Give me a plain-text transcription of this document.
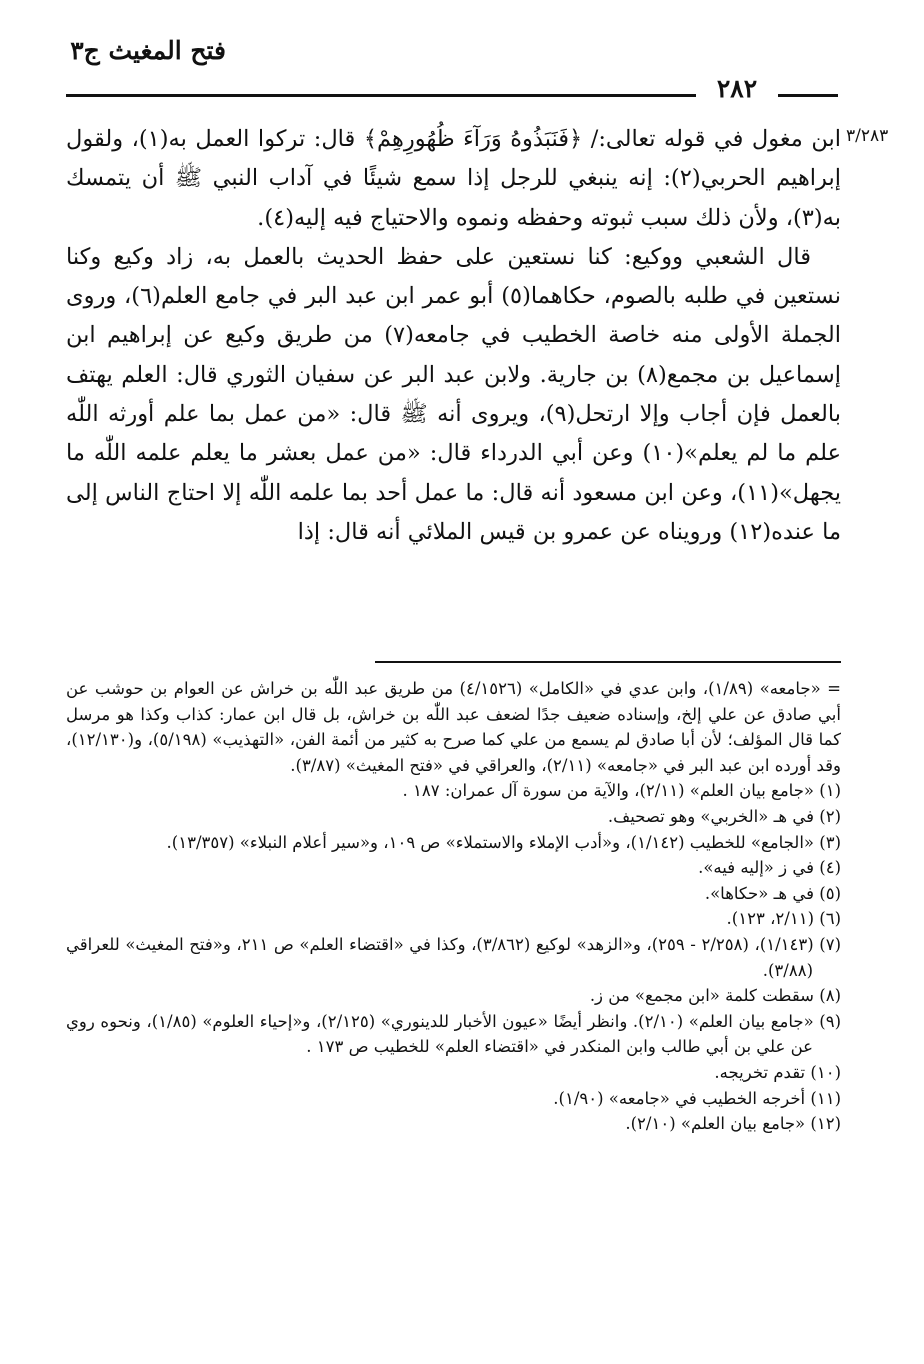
فتح المغيث ج٣
٢٨٢
٣/٢٨٣

ابن مغول في قوله تعالى:/ ﴿فَنَبَذُوهُ وَرَآءَ ظُهُورِهِمْ﴾ قال: تركوا العمل به(١)، ولقول إبراهيم الحربي(٢): إنه ينبغي للرجل إذا سمع شيئًا في آداب النبي ﷺ أن يتمسك به(٣)، ولأن ذلك سبب ثبوته وحفظه ونموه والاحتياج فيه إليه(٤).

قال الشعبي ووكيع: كنا نستعين على حفظ الحديث بالعمل به، زاد وكيع وكنا نستعين في طلبه بالصوم، حكاهما(٥) أبو عمر ابن عبد البر في جامع العلم(٦)، وروى الجملة الأولى منه خاصة الخطيب في جامعه(٧) من طريق وكيع عن إبراهيم ابن إسماعيل بن مجمع(٨) بن جارية. ولابن عبد البر عن سفيان الثوري قال: العلم يهتف بالعمل فإن أجاب وإلا ارتحل(٩)، ويروى أنه ﷺ قال: «من عمل بما علم أورثه اللّٰه علم ما لم يعلم»(١٠) وعن أبي الدرداء قال: «من عمل بعشر ما يعلم علمه اللّٰه ما يجهل»(١١)، وعن ابن مسعود أنه قال: ما عمل أحد بما علمه اللّٰه إلا احتاج الناس إلى ما عنده(١٢) ورويناه عن عمرو بن قيس الملائي أنه قال: إذا

= «جامعه» (١/٨٩)، وابن عدي في «الكامل» (٤/١٥٢٦) من طريق عبد اللّٰه بن خراش عن العوام بن حوشب عن أبي صادق عن علي إلخ، وإسناده ضعيف جدًا لضعف عبد اللّٰه بن خراش، بل قال ابن عمار: كذاب وكذا هو مرسل كما قال المؤلف؛ لأن أبا صادق لم يسمع من علي كما صرح به كثير من أئمة الفن، «التهذيب» (٥/١٩٨)، و(١٢/١٣٠)، وقد أورده ابن عبد البر في «جامعه» (٢/١١)، والعراقي في «فتح المغيث» (٣/٨٧).

(١) «جامع بيان العلم» (٢/١١)، والآية من سورة آل عمران: ١٨٧ .

(٢) في هـ «الخربي» وهو تصحيف.

(٣) «الجامع» للخطيب (١/١٤٢)، و«أدب الإملاء والاستملاء» ص ١٠٩، و«سير أعلام النبلاء» (١٣/٣٥٧).

(٤) في ز «إليه فيه».

(٥) في هـ «حكاها».

(٦) (٢/١١، ١٢٣).

(٧) (١/١٤٣)، (٢/٢٥٨ - ٢٥٩)، و«الزهد» لوكيع (٣/٨٦٢)، وكذا في «اقتضاء العلم» ص ٢١١، و«فتح المغيث» للعراقي (٣/٨٨).

(٨) سقطت كلمة «ابن مجمع» من ز.

(٩) «جامع بيان العلم» (٢/١٠). وانظر أيضًا «عيون الأخبار للدينوري» (٢/١٢٥)، و«إحياء العلوم» (١/٨٥)، ونحوه روي عن علي بن أبي طالب وابن المنكدر في «اقتضاء العلم» للخطيب ص ١٧٣ .

(١٠) تقدم تخريجه.

(١١) أخرجه الخطيب في «جامعه» (١/٩٠).

(١٢) «جامع بيان العلم» (٢/١٠).
